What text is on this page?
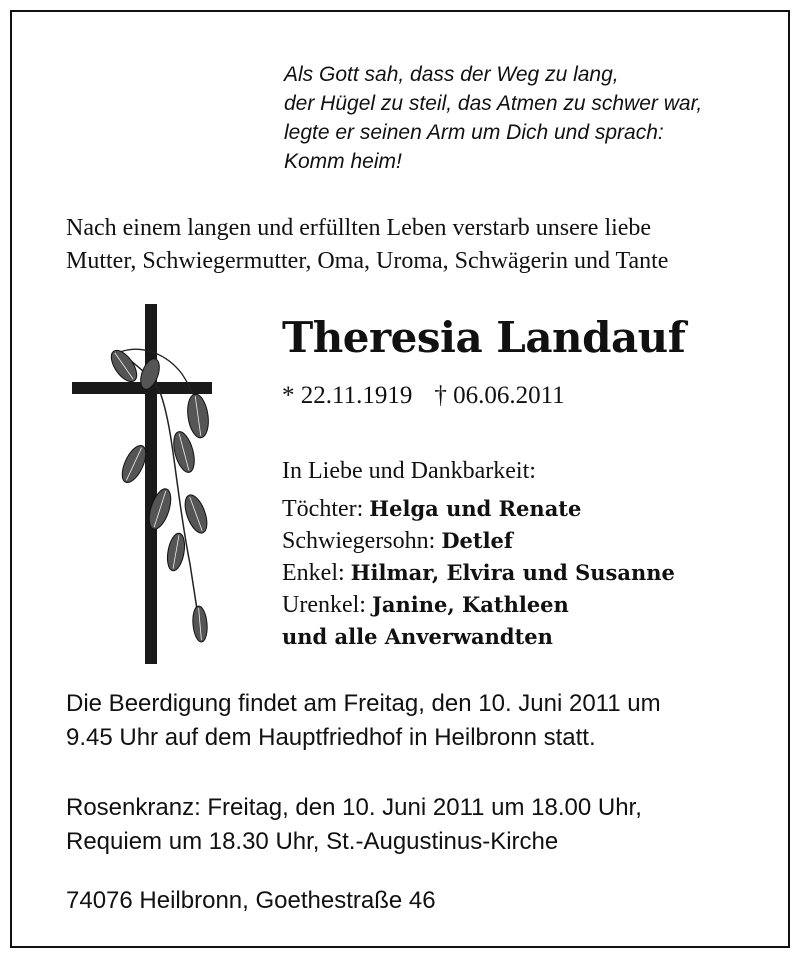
Als Gott sah, dass der Weg zu lang,
der Hügel zu steil, das Atmen zu schwer war,
legte er seinen Arm um Dich und sprach:
Komm heim!
Nach einem langen und erfüllten Leben verstarb unsere liebe
Mutter, Schwiegermutter, Oma, Uroma, Schwägerin und Tante
Theresia Landauf
* 22.11.1919 † 06.06.2011
In Liebe und Dankbarkeit:
Töchter: Helga und Renate
Schwiegersohn: Detlef
Enkel: Hilmar, Elvira und Susanne
Urenkel: Janine, Kathleen
und alle Anverwandten
Die Beerdigung findet am Freitag, den 10. Juni 2011 um
9.45 Uhr auf dem Hauptfriedhof in Heilbronn statt.
Rosenkranz: Freitag, den 10. Juni 2011 um 18.00 Uhr,
Requiem um 18.30 Uhr, St.-Augustinus-Kirche
74076 Heilbronn, Goethestraße 46
